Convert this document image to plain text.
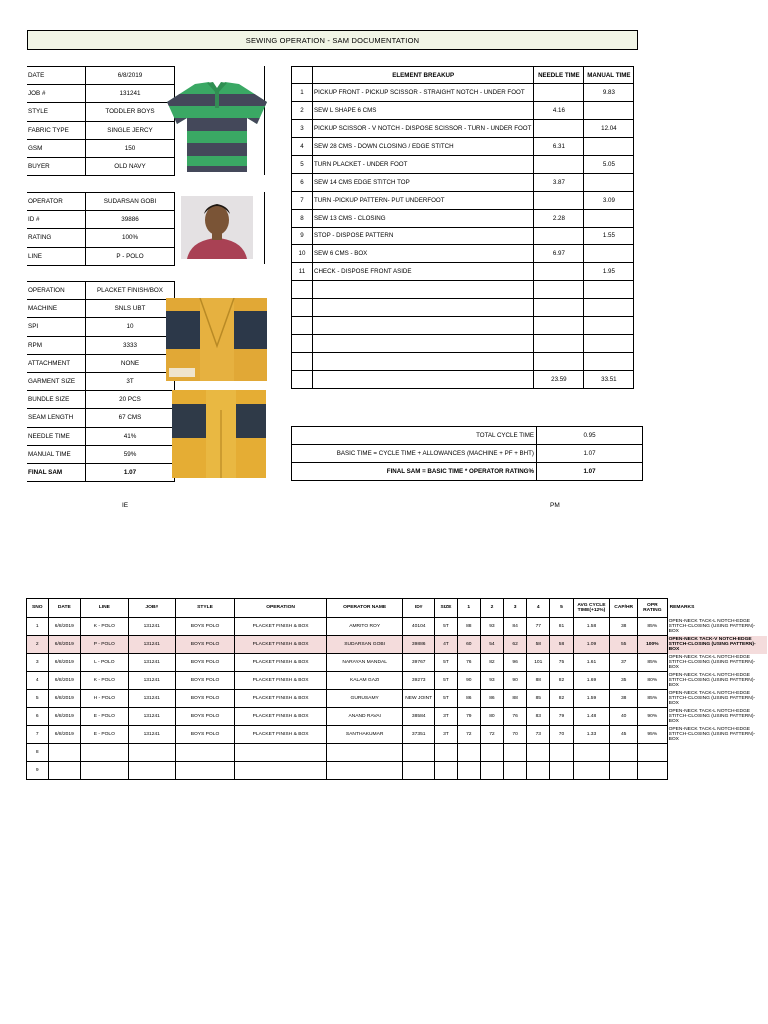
SEWING OPERATION - SAM DOCUMENTATION
DATE	6/8/2019	
JOB #	131241	
STYLE	TODDLER BOYS	
FABRIC TYPE	SINGLE JERCY	
GSM	150	
BUYER	OLD NAVY	
OPERATOR	SUDARSAN GOBI	
ID #	39886	
RATING	100%	
LINE	P - POLO	
OPERATION	PLACKET FINISH/BOX	
MACHINE	SNLS UBT	
SPI	10	
RPM	3333	
ATTACHMENT	NONE	
GARMENT SIZE	3T	
BUNDLE SIZE	20 PCS	
SEAM LENGTH	67 CMS	
NEEDLE TIME	41%	
MANUAL TIME	59%	
FINAL SAM	1.07	
	ELEMENT BREAKUP	NEEDLE TIME	MANUAL TIME
1	PICKUP FRONT - PICKUP SCISSOR - STRAIGHT NOTCH - UNDER FOOT		9.83
2	SEW L SHAPE 6 CMS	4.16	
3	PICKUP SCISSOR - V NOTCH - DISPOSE SCISSOR - TURN - UNDER FOOT		12.04
4	SEW 28 CMS - DOWN CLOSING / EDGE STITCH	6.31	
5	TURN PLACKET - UNDER FOOT		5.05
6	SEW 14 CMS EDGE STITCH TOP	3.87	
7	TURN -PICKUP PATTERN- PUT UNDERFOOT		3.09
8	SEW 13 CMS - CLOSING	2.28	
9	STOP - DISPOSE PATTERN		1.55
10	SEW 6 CMS - BOX	6.97	
11	CHECK - DISPOSE FRONT ASIDE		1.95

		23.59	33.51
TOTAL CYCLE TIME	0.95
BASIC TIME = CYCLE TIME + ALLOWANCES (MACHINE + PF + BHT)	1.07
FINAL SAM = BASIC TIME * OPERATOR RATING%	1.07
IE	PM
SNO	DATE	LINE	JOB#	STYLE	OPERATION	OPERATOR NAME	ID#	SIZE	1	2	3	4	5	AVG CYCLE TIME(+12%)	CAP/HR	OPR RATING	REMARKS
1	6/8/2019	K - POLO	131241	BOYS POLO	PLACKET FINISH & BOX	AMRITO ROY	40104	5T	88	93	84	77	81	1.58	38	85%	OPEN-NECK TACK-L NOTCH-EDGE STITCH-CLOSING (USING PATTERN)-BOX
2	6/8/2019	P - POLO	131241	BOYS POLO	PLACKET FINISH & BOX	SUDARSAN GOBI	39886	4T	60	54	62	58	58	1.09	55	100%	OPEN-NECK TACK-V NOTCH-EDGE STITCH-CLOSING (USING PATTERN)-BOX
3	6/8/2019	L - POLO	131241	BOYS POLO	PLACKET FINISH & BOX	NARAYAN MANDAL	39767	5T	76	82	96	101	75	1.61	37	85%	OPEN-NECK TACK-L NOTCH-EDGE STITCH-CLOSING (USING PATTERN)-BOX
4	6/8/2019	K - POLO	131241	BOYS POLO	PLACKET FINISH & BOX	KALAM GAZI	39273	5T	90	93	90	88	82	1.69	35	80%	OPEN-NECK TACK-L NOTCH-EDGE STITCH-CLOSING (USING PATTERN)-BOX
5	6/8/2019	H - POLO	131241	BOYS POLO	PLACKET FINISH & BOX	GURUSAMY	NEW JOINT	5T	86	86	88	85	82	1.59	38	85%	OPEN-NECK TACK-L NOTCH-EDGE STITCH-CLOSING (USING PATTERN)-BOX
6	6/8/2019	E - POLO	131241	BOYS POLO	PLACKET FINISH & BOX	ANAND RAVAI	38584	3T	79	80	76	83	79	1.48	40	90%	OPEN-NECK TACK-L NOTCH-EDGE STITCH-CLOSING (USING PATTERN)-BOX
7	6/8/2019	E - POLO	131241	BOYS POLO	PLACKET FINISH & BOX	SANTHAKUMAR	37351	3T	72	72	70	73	70	1.33	45	95%	OPEN-NECK TACK-L NOTCH-EDGE STITCH-CLOSING (USING PATTERN)-BOX
8																	
9																	
